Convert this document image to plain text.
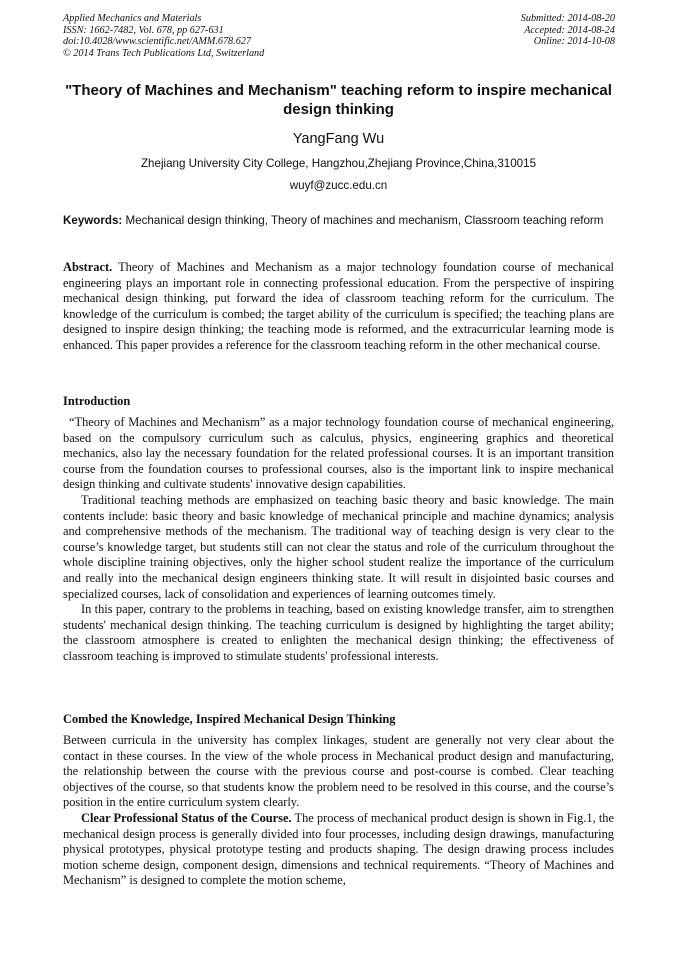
Applied Mechanics and Materials
ISSN: 1662-7482, Vol. 678, pp 627-631
doi:10.4028/www.scientific.net/AMM.678.627
© 2014 Trans Tech Publications Ltd, Switzerland
Submitted: 2014-08-20
Accepted: 2014-08-24
Online: 2014-10-08
"Theory of Machines and Mechanism" teaching reform to inspire mechanical design thinking
YangFang Wu
Zhejiang University City College, Hangzhou,Zhejiang Province,China,310015
wuyf@zucc.edu.cn
Keywords: Mechanical design thinking, Theory of machines and mechanism, Classroom teaching reform

Abstract. Theory of Machines and Mechanism as a major technology foundation course of mechanical engineering plays an important role in connecting professional education. From the perspective of inspiring mechanical design thinking, put forward the idea of classroom teaching reform for the curriculum. The knowledge of the curriculum is combed; the target ability of the curriculum is specified; the teaching plans are designed to inspire design thinking; the teaching mode is reformed, and the extracurricular learning mode is enhanced. This paper provides a reference for the classroom teaching reform in the other mechanical course.

Introduction

“Theory of Machines and Mechanism” as a major technology foundation course of mechanical engineering, based on the compulsory curriculum such as calculus, physics, engineering graphics and theoretical mechanics, also lay the necessary foundation for the related professional courses. It is an important transition course from the foundation courses to professional courses, also is the important link to inspire mechanical design thinking and cultivate students' innovative design capabilities.

Traditional teaching methods are emphasized on teaching basic theory and basic knowledge. The main contents include: basic theory and basic knowledge of mechanical principle and machine dynamics; analysis and comprehensive methods of the mechanism. The traditional way of teaching design is very clear to the course’s knowledge target, but students still can not clear the status and role of the curriculum throughout the whole discipline training objectives, only the higher school student realize the importance of the curriculum and really into the mechanical design engineers thinking state. It will result in disjointed basic courses and specialized courses, lack of consolidation and experiences of learning outcomes timely.

In this paper, contrary to the problems in teaching, based on existing knowledge transfer, aim to strengthen students' mechanical design thinking. The teaching curriculum is designed by highlighting the target ability; the classroom atmosphere is created to enlighten the mechanical design thinking; the effectiveness of classroom teaching is improved to stimulate students' professional interests.

Combed the Knowledge, Inspired Mechanical Design Thinking

Between curricula in the university has complex linkages, student are generally not very clear about the contact in these courses. In the view of the whole process in Mechanical product design and manufacturing, the relationship between the course with the previous course and post-course is combed. Clear teaching objectives of the course, so that students know the problem need to be resolved in this course, and the course’s position in the entire curriculum system clearly.

Clear Professional Status of the Course. The process of mechanical product design is shown in Fig.1, the mechanical design process is generally divided into four processes, including design drawings, manufacturing physical prototypes, physical prototype testing and products shaping. The design drawing process includes motion scheme design, component design, dimensions and technical requirements. “Theory of Machines and Mechanism” is designed to complete the motion scheme,
